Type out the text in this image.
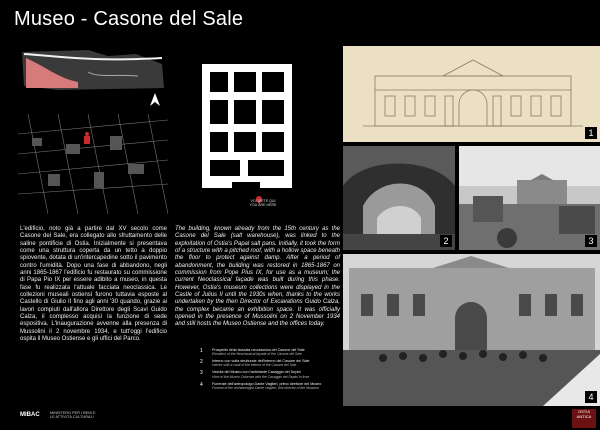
Museo - Casone del Sale
VOI SIETE QUI
YOU ARE HERE
L'edificio, noto già a partire dal XV secolo come Casone del Sale, era collegato allo sfruttamento delle saline pontificie di Ostia. Inizialmente si presentava come una struttura coperta da un tetto a doppio spiovente, dotata di un'intercapedine sotto il pavimento contro l'umidità. Dopo una fase di abbandono, negli anni 1865-1867 l'edificio fu restaurato su commissione di Papa Pio IX per essere adibito a museo, in questa fase fu realizzata l'attuale facciata neoclassica. Le collezioni museali ostiensi furono tuttavia esposte al Castello di Giulio II fino agli anni '30 quando, grazie ai lavori compiuti dall'allora Direttore degli Scavi Guido Calza, il complesso acquisì la funzione di sede espositiva. L'inaugurazione avvenne alla presenza di Mussolini il 2 novembre 1934, e tutt'oggi l'edificio ospita il Museo Ostiense e gli uffici del Parco.
The building, known already from the 15th century as the Casone del Sale (salt warehouse), was linked to the exploitation of Ostia's Papal salt pans. Initially, it took the form of a structure with a pitched roof, with a hollow space beneath the floor to protect against damp. After a period of abandonment, the building was restored in 1865-1867 on commission from Pope Pius IX, for use as a museum; the current Neoclassical façade was built during this phase. However, Ostia's museum collections were displayed in the Castle of Julius II until the 1930s when, thanks to the works undertaken by the then Director of Excavations Guido Calza, the complex became an exhibition space. It was officially opened in the presence of Mussolini on 2 November 1934 and still hosts the Museo Ostiense and the offices today.
1 Prospetto della facciata neoclassica del Casone del Sale
Elevation of the Neoclassical façade of the Casone del Sale
2 Interno con volta strutturale dell'interno del Casone del Sale
Interior with a vault of the interior of the Casone del Sale
3 Veduta del Museo con l'antistante Casaggio dei Depini
View of the Museo Ostiense with the Casaggio dei Depini in front
4 Funerale dell'antropologo Dante Vaglieri, primo direttore del Museo
Funeral of the archaeologist Dante Vaglieri, first director of the Museum
1
2	3
4
MIBAC	MINISTERO PER I BENI E LE ATTIVITÀ CULTURALI
OSTIA
ANTICA
